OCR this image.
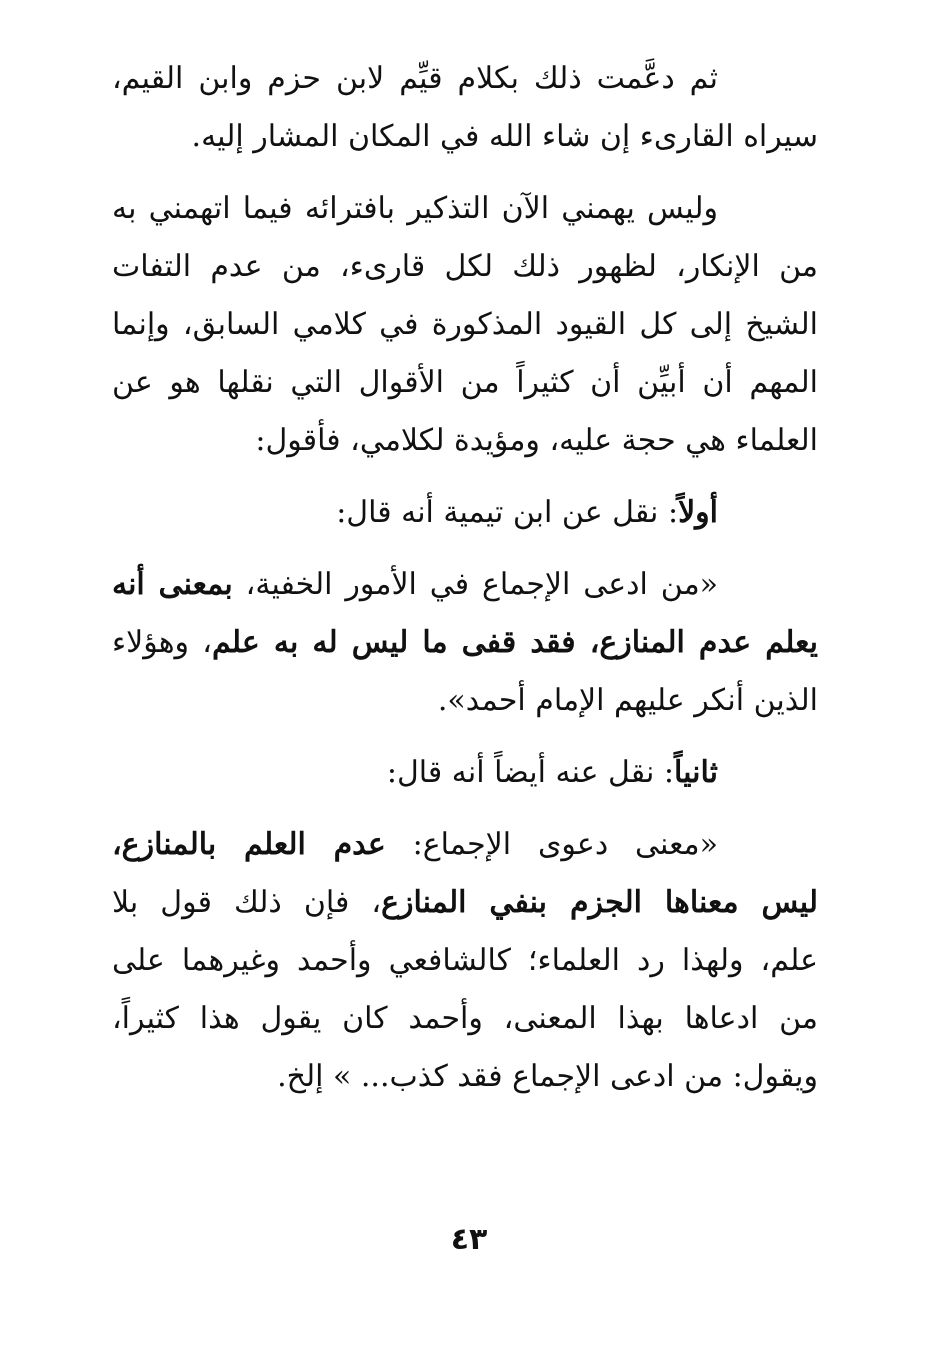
ثم دعَّمت ذلك بكلام قيِّم لابن حزم وابن القيم،
سيراه القارىء إن شاء الله في المكان المشار إليه.
وليس يهمني الآن التذكير بافترائه فيما اتهمني به
من الإنكار، لظهور ذلك لكل قارىء، من عدم التفات
الشيخ إلى كل القيود المذكورة في كلامي السابق، وإنما
المهم أن أبيِّن أن كثيراً من الأقوال التي نقلها هو عن
العلماء هي حجة عليه، ومؤيدة لكلامي، فأقول:
أولاً: نقل عن ابن تيمية أنه قال:
«من ادعى الإجماع في الأمور الخفية، بمعنى أنه
يعلم عدم المنازع، فقد قفى ما ليس له به علم، وهؤلاء
الذين أنكر عليهم الإمام أحمد».
ثانياً: نقل عنه أيضاً أنه قال:
«معنى دعوى الإجماع: عدم العلم بالمنازع،
ليس معناها الجزم بنفي المنازع، فإن ذلك قول بلا
علم، ولهذا رد العلماء؛ كالشافعي وأحمد وغيرهما على
من ادعاها بهذا المعنى، وأحمد كان يقول هذا كثيراً،
ويقول: من ادعى الإجماع فقد كذب... » إلخ.
٤٣
